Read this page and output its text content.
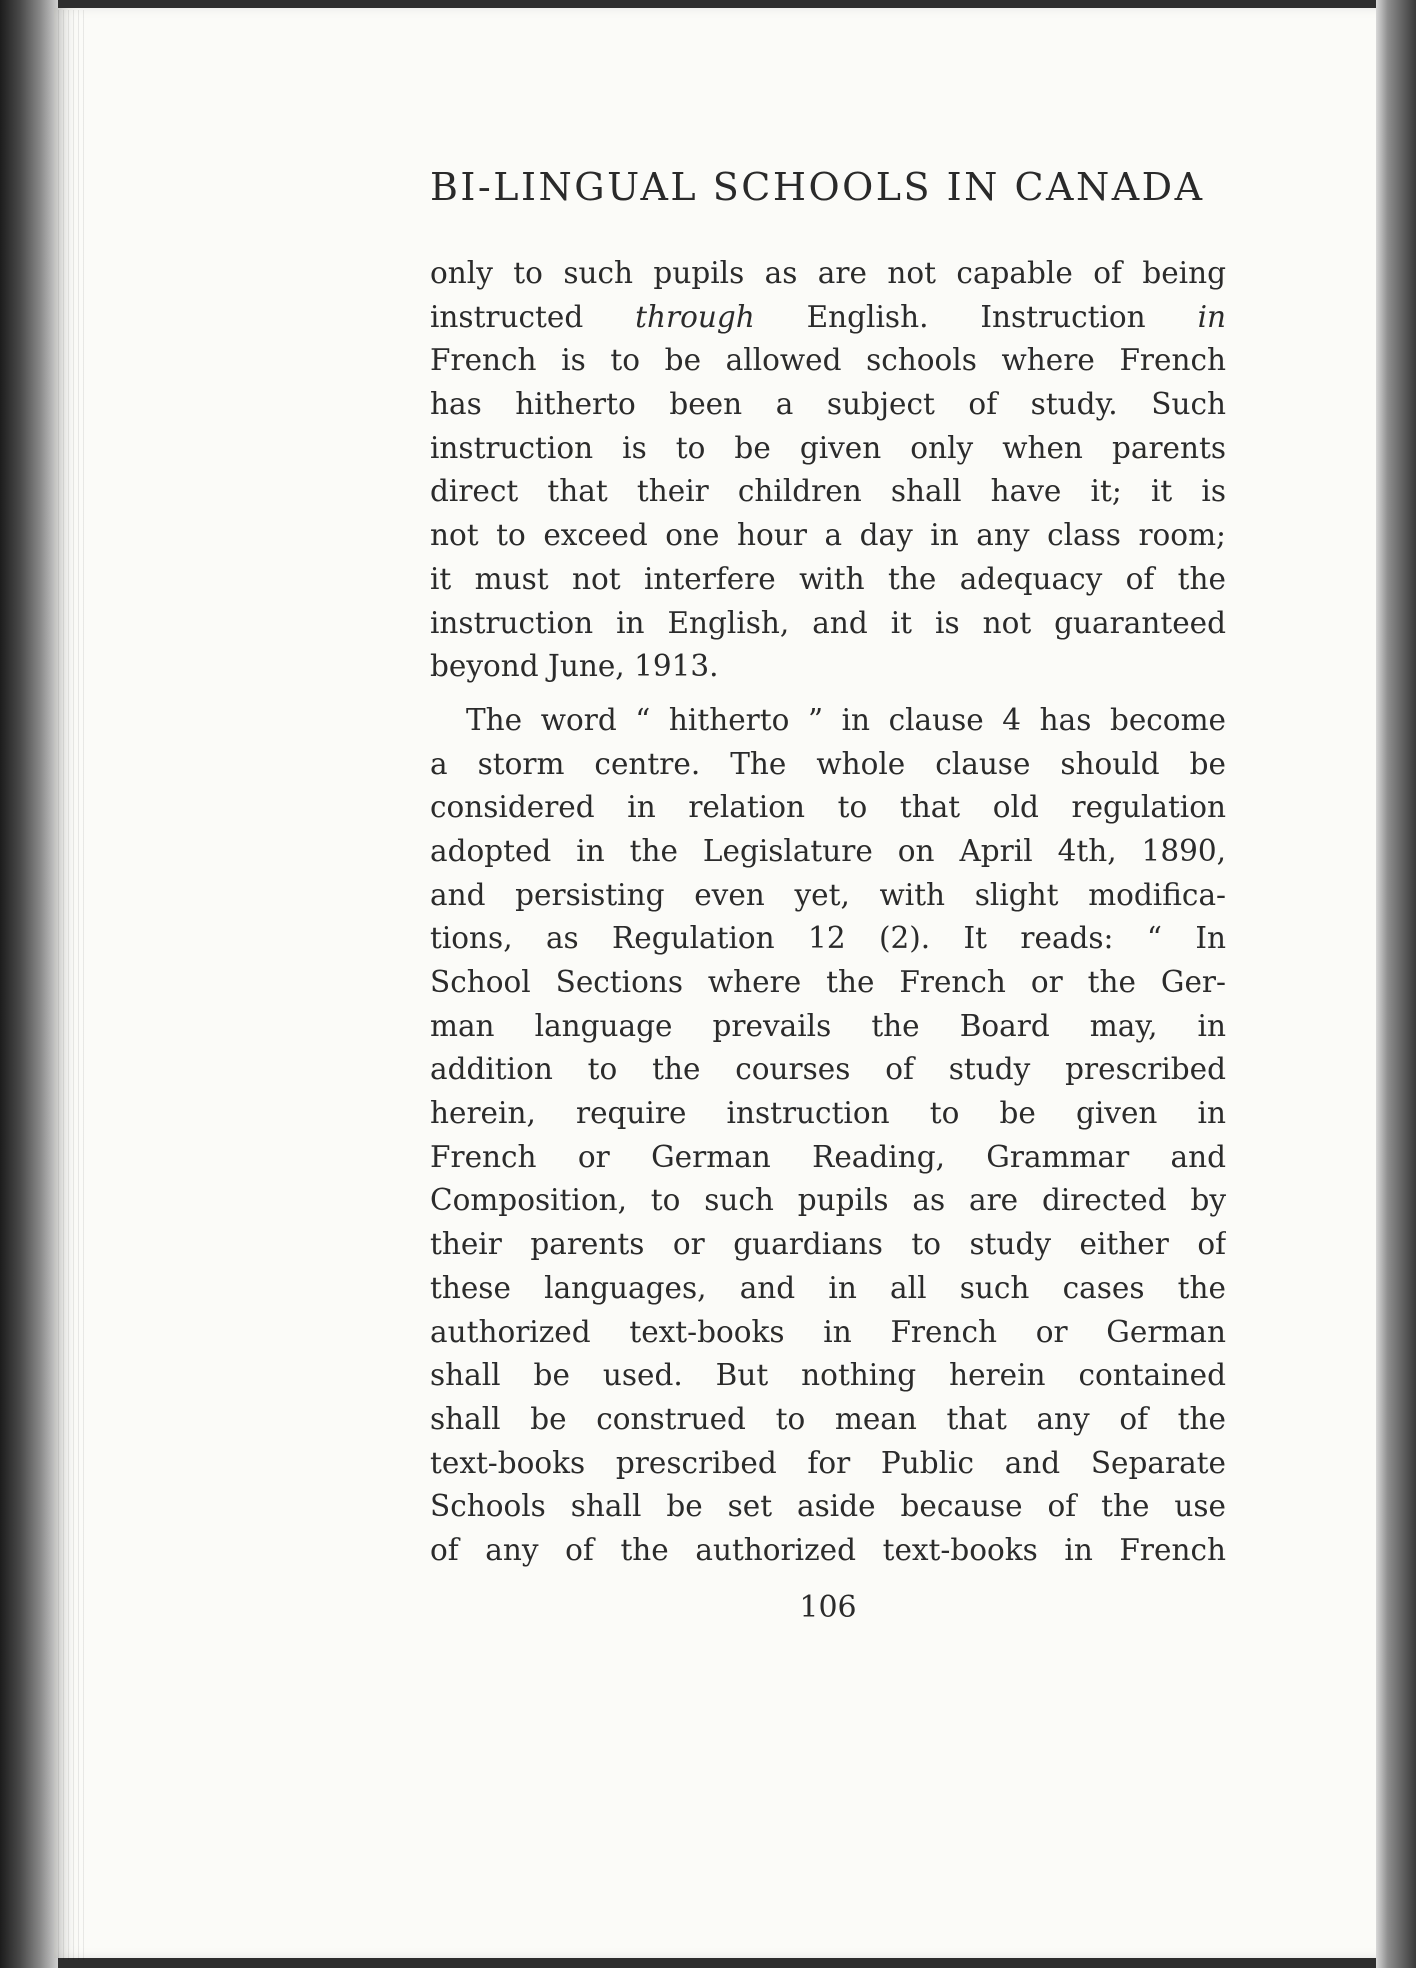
BI-LINGUAL SCHOOLS IN CANADA

only to such pupils as are not capable of being
instructed through English. Instruction in
French is to be allowed schools where French
has hitherto been a subject of study. Such
instruction is to be given only when parents
direct that their children shall have it; it is
not to exceed one hour a day in any class room;
it must not interfere with the adequacy of the
instruction in English, and it is not guaranteed
beyond June, 1913.

The word “ hitherto ” in clause 4 has become
a storm centre. The whole clause should be
considered in relation to that old regulation
adopted in the Legislature on April 4th, 1890,
and persisting even yet, with slight modifica-
tions, as Regulation 12 (2). It reads: “ In
School Sections where the French or the Ger-
man language prevails the Board may, in
addition to the courses of study prescribed
herein, require instruction to be given in
French or German Reading, Grammar and
Composition, to such pupils as are directed by
their parents or guardians to study either of
these languages, and in all such cases the
authorized text-books in French or German
shall be used. But nothing herein contained
shall be construed to mean that any of the
text-books prescribed for Public and Separate
Schools shall be set aside because of the use
of any of the authorized text-books in French

106
